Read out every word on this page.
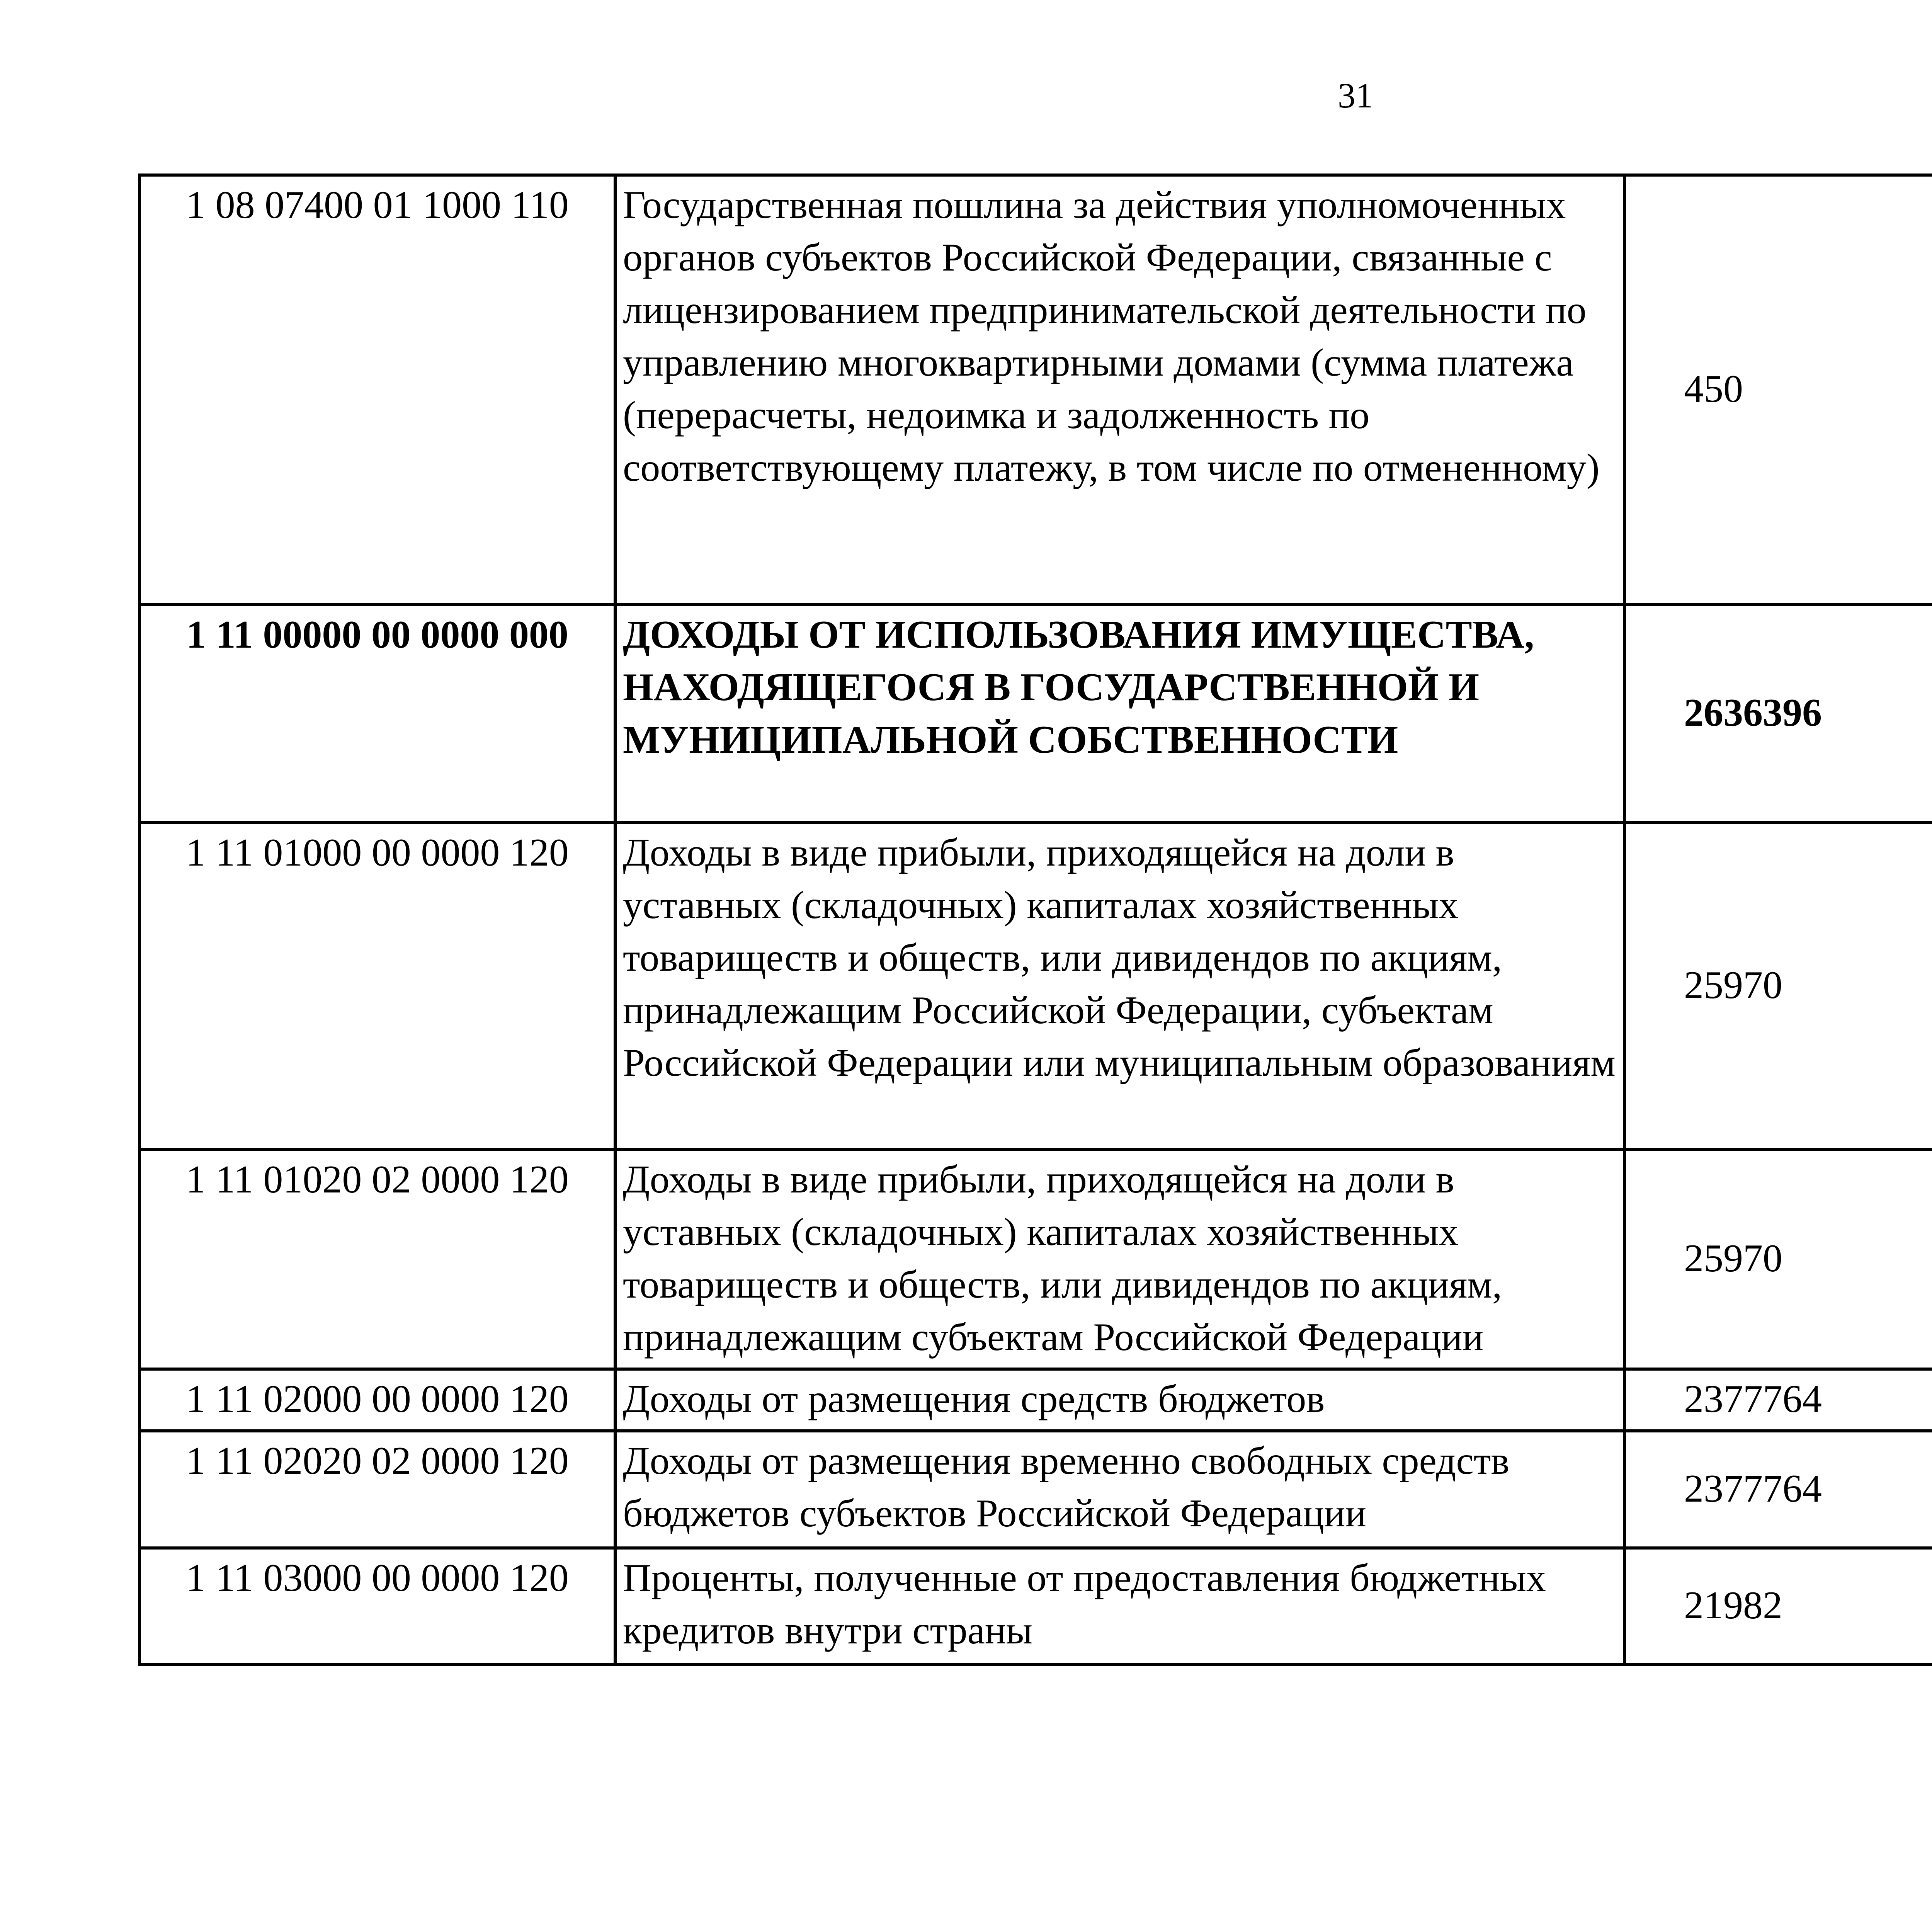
31
1 08 07400 01 1000 110	Государственная пошлина за действия уполномоченных органов субъектов Российской Федерации, связанные с лицензированием предпринимательской деятельности по управлению многоквартирными домами (сумма платежа (перерасчеты, недоимка и задолженность по соответствующему платежу, в том числе по отмененному)	450		
1 11 00000 00 0000 000	ДОХОДЫ ОТ ИСПОЛЬЗОВАНИЯ ИМУЩЕСТВА, НАХОДЯЩЕГОСЯ В ГОСУДАРСТВЕННОЙ И МУНИЦИПАЛЬНОЙ СОБСТВЕННОСТИ	2636396		
1 11 01000 00 0000 120	Доходы в виде прибыли, приходящейся на доли в уставных (складочных) капиталах хозяйственных товариществ и обществ, или дивидендов по акциям, принадлежащим Российской Федерации, субъектам Российской Федерации или муниципальным образованиям	25970		
1 11 01020 02 0000 120	Доходы в виде прибыли, приходящейся на доли в уставных (складочных) капиталах хозяйственных товариществ и обществ, или дивидендов по акциям, принадлежащим субъектам Российской Федерации	25970		
1 11 02000 00 0000 120	Доходы от размещения средств бюджетов	2377764		
1 11 02020 02 0000 120	Доходы от размещения временно свободных средств бюджетов субъектов Российской Федерации	2377764		
1 11 03000 00 0000 120	Проценты, полученные от предоставления бюджетных кредитов внутри страны	21982		
